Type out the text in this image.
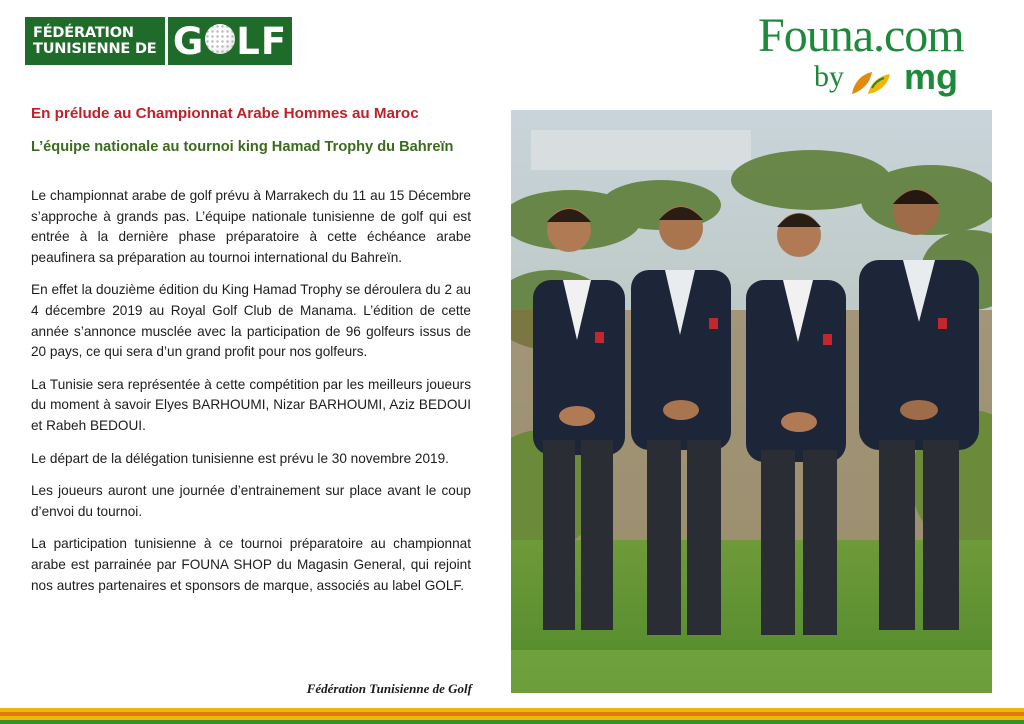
FÉDÉRATION
TUNISIENNE DE G LF	Founa.com
by mg
En prélude au Championnat Arabe Hommes au Maroc
L’équipe nationale au tournoi king Hamad Trophy du Bahreïn

Le championnat arabe de golf prévu à Marrakech du 11 au 15 Décembre s’approche à grands pas. L’équipe nationale tunisienne de golf qui est entrée à la dernière phase préparatoire à cette échéance arabe peaufinera sa préparation au tournoi international du Bahreïn.

En effet la douzième édition du King Hamad Trophy se déroulera du 2 au 4 décembre 2019 au Royal Golf Club de Manama. L’édition de cette année s’annonce musclée avec la participation de 96 golfeurs issus de 20 pays, ce qui sera d’un grand profit pour nos golfeurs.

La Tunisie sera représentée à cette compétition par les meilleurs joueurs du moment à savoir Elyes BARHOUMI, Nizar BARHOUMI, Aziz BEDOUI et Rabeh BEDOUI.

Le départ de la délégation tunisienne est prévu le 30 novembre 2019.

Les joueurs auront une journée d’entrainement sur place avant le coup d’envoi du tournoi.

La participation tunisienne à ce tournoi préparatoire au championnat arabe est parrainée par FOUNA SHOP du Magasin General, qui rejoint nos autres partenaires et sponsors de marque, associés au label GOLF.

Fédération Tunisienne de Golf
